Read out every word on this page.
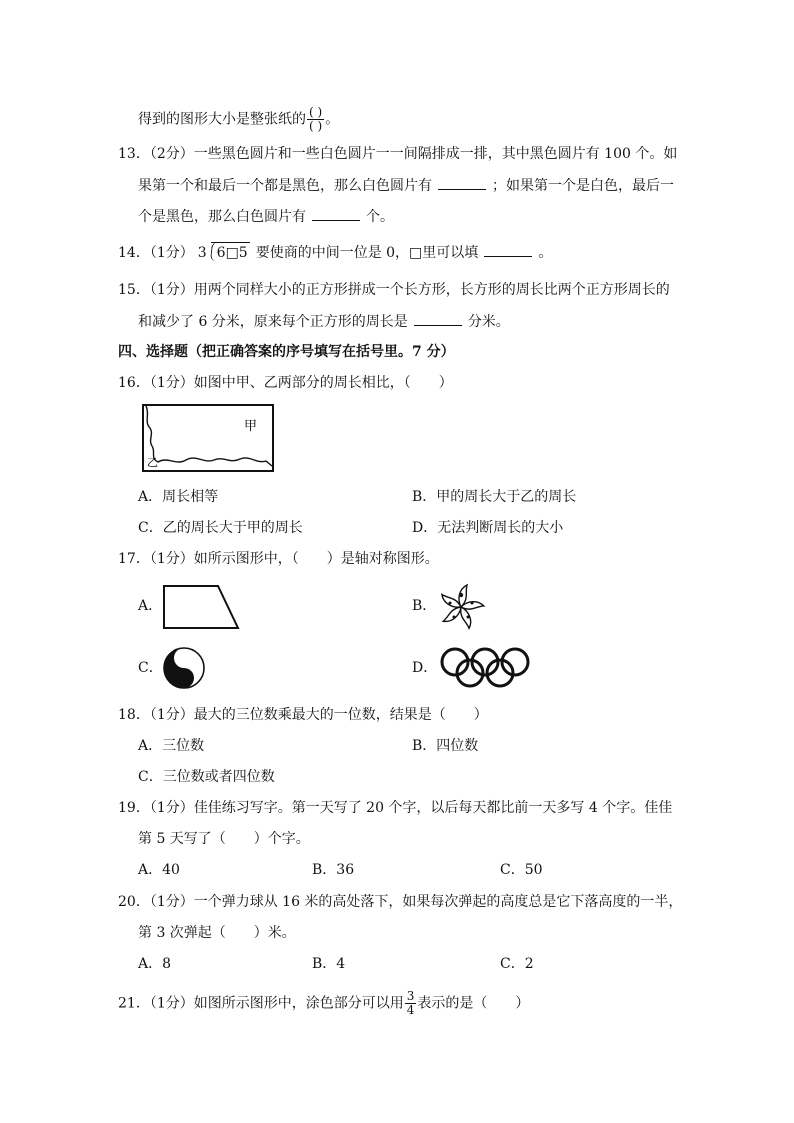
得到的图形大小是整张纸的 $\frac{( )}{( )}$ 。
13．（2分）一些黑色圆片和一些白色圆片一一间隔排成一排，其中黑色圆片有 100 个。如
果第一个和最后一个都是黑色，那么白色圆片有	；如果第一个是白色，最后一
个是黑色，那么白色圆片有	个。
14．（1分） 3 6□5 要使商的中间一位是 0，□里可以填	。
15．（1分）用两个同样大小的正方形拼成一个长方形，长方形的周长比两个正方形周长的
和减少了 6 分米，原来每个正方形的周长是	分米。
四、选择题（把正确答案的序号填写在括号里。7 分）
16．（1分）如图中甲、乙两部分的周长相比，（　　）
甲
乙
A．周长相等	B．甲的周长大于乙的周长
C．乙的周长大于甲的周长	D．无法判断周长的大小
17．（1分）如所示图形中，（　　）是轴对称图形。
A．	B．
C．	D．
18．（1分）最大的三位数乘最大的一位数，结果是（　　）
A．三位数	B．四位数
C．三位数或者四位数
19．（1分）佳佳练习写字。第一天写了 20 个字，以后每天都比前一天多写 4 个字。佳佳
第 5 天写了（　　）个字。
A．40	B．36	C．50
20．（1分）一个弹力球从 16 米的高处落下，如果每次弹起的高度总是它下落高度的一半，
第 3 次弹起（　　）米。
A．8	B．4	C．2
21．（1分）如图所示图形中，涂色部分可以用 $\frac{3}{4}$ 表示的是（　　）
